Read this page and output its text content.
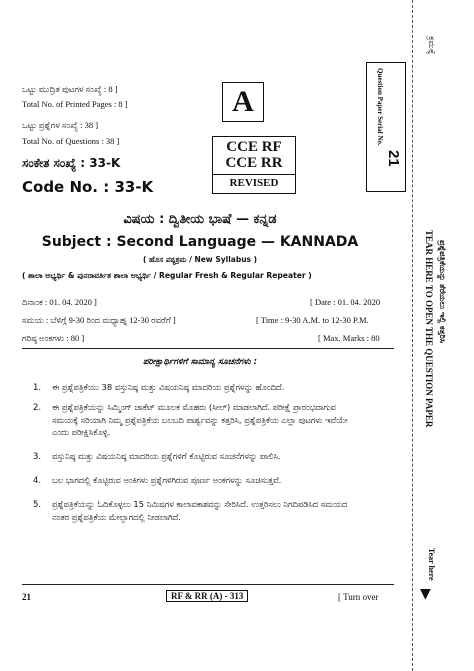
ಒಟ್ಟು ಮುದ್ರಿತ ಪುಟಗಳ ಸಂಖ್ಯೆ : 8 ]
Total No. of Printed Pages : 8 ]
ಒಟ್ಟು ಪ್ರಶ್ನೆಗಳ ಸಂಖ್ಯೆ : 38 ]
Total No. of Questions : 38 ]
ಸಂಕೇತ ಸಂಖ್ಯೆ : 33-K
Code No. : 33-K
A
CCE RF
CCE RR
REVISED
Question Paper Serial No.
21
ಕ್ರಮಕ್ಕೆ
ವಿಷಯ : ದ್ವಿತೀಯ ಭಾಷೆ — ಕನ್ನಡ
Subject : Second Language — KANNADA
( ಹೊಸ ಪಠ್ಯಕ್ರಮ / New Syllabus )
( ಶಾಲಾ ಅಭ್ಯರ್ಥಿ & ಪುನರಾವರ್ತಿತ ಶಾಲಾ ಅಭ್ಯರ್ಥಿ / Regular Fresh & Regular Repeater )
ದಿನಾಂಕ : 01. 04. 2020 ]	[ Date : 01. 04. 2020
ಸಮಯ : ಬೆಳಿಗ್ಗೆ 9-30 ರಿಂದ ಮಧ್ಯಾಹ್ನ 12-30 ರವರೆಗೆ ]	[ Time : 9-30 A.M. to 12-30 P.M.
ಗರಿಷ್ಠ ಅಂಕಗಳು : 80 ]	[ Max. Marks : 80
ಪರೀಕ್ಷಾರ್ಥಿಗಳಿಗೆ ಸಾಮಾನ್ಯ ಸೂಚನೆಗಳು :
1. ಈ ಪ್ರಶ್ನೆಪತ್ರಿಕೆಯು 38 ವಸ್ತುನಿಷ್ಠ ಮತ್ತು ವಿಷಯನಿಷ್ಠ ಮಾದರಿಯ ಪ್ರಶ್ನೆಗಳನ್ನು ಹೊಂದಿದೆ.
2. ಈ ಪ್ರಶ್ನೆಪತ್ರಿಕೆಯನ್ನು ಸಿಮ್ಮಿಂಗ್ ಜಾಕೆಟ್ ಮೂಲಕ ಮೊಹರು (ಸೀಲ್) ಮಾಡಲಾಗಿದೆ. ಪರೀಕ್ಷೆ ಪ್ರಾರಂಭವಾಗುವ ಸಮಯಕ್ಕೆ ಸರಿಯಾಗಿ ನಿಮ್ಮ ಪ್ರಶ್ನೆಪತ್ರಿಕೆಯ ಬಲಬದಿ ಪಾರ್ಶ್ವವನ್ನು ಕತ್ತರಿಸಿ, ಪ್ರಶ್ನೆಪತ್ರಿಕೆಯ ಎಲ್ಲಾ ಪುಟಗಳು ಇವೆಯೇ ಎಂದು ಪರೀಕ್ಷಿಸಿಕೊಳ್ಳಿ.
3. ವಸ್ತುನಿಷ್ಠ ಮತ್ತು ವಿಷಯನಿಷ್ಠ ಮಾದರಿಯ ಪ್ರಶ್ನೆಗಳಿಗೆ ಕೊಟ್ಟಿರುವ ಸೂಚನೆಗಳನ್ನು ಪಾಲಿಸಿ.
4. ಬಲ ಭಾಗದಲ್ಲಿ ಕೊಟ್ಟಿರುವ ಅಂಕಿಗಳು ಪ್ರಶ್ನೆಗಳಿಗಿರುವ ಪೂರ್ಣ ಅಂಕಗಳನ್ನು ಸೂಚಿಸುತ್ತವೆ.
5. ಪ್ರಶ್ನೆಪತ್ರಿಕೆಯನ್ನು ಓದಿಕೊಳ್ಳಲು 15 ನಿಮಿಷಗಳ ಕಾಲಾವಕಾಶವನ್ನು ಸೇರಿಸಿದೆ. ಉತ್ತರಿಸಲು ನಿಗದಿಪಡಿಸಿದ ಸಮಯದ ನಂತರ ಪ್ರಶ್ನೆಪತ್ರಿಕೆಯ ಮೇಲ್ಭಾಗದಲ್ಲಿ ನೀಡಲಾಗಿದೆ.
TEAR HERE TO OPEN THE QUESTION PAPER ಪ್ರಶ್ನೆಪತ್ರಿಕೆಯನ್ನು ತೆರೆಯಲು ಇಲ್ಲಿ ಕತ್ತರಿಸಿ
Tear here
▼
21	RF & RR (A) - 313	[ Turn over
